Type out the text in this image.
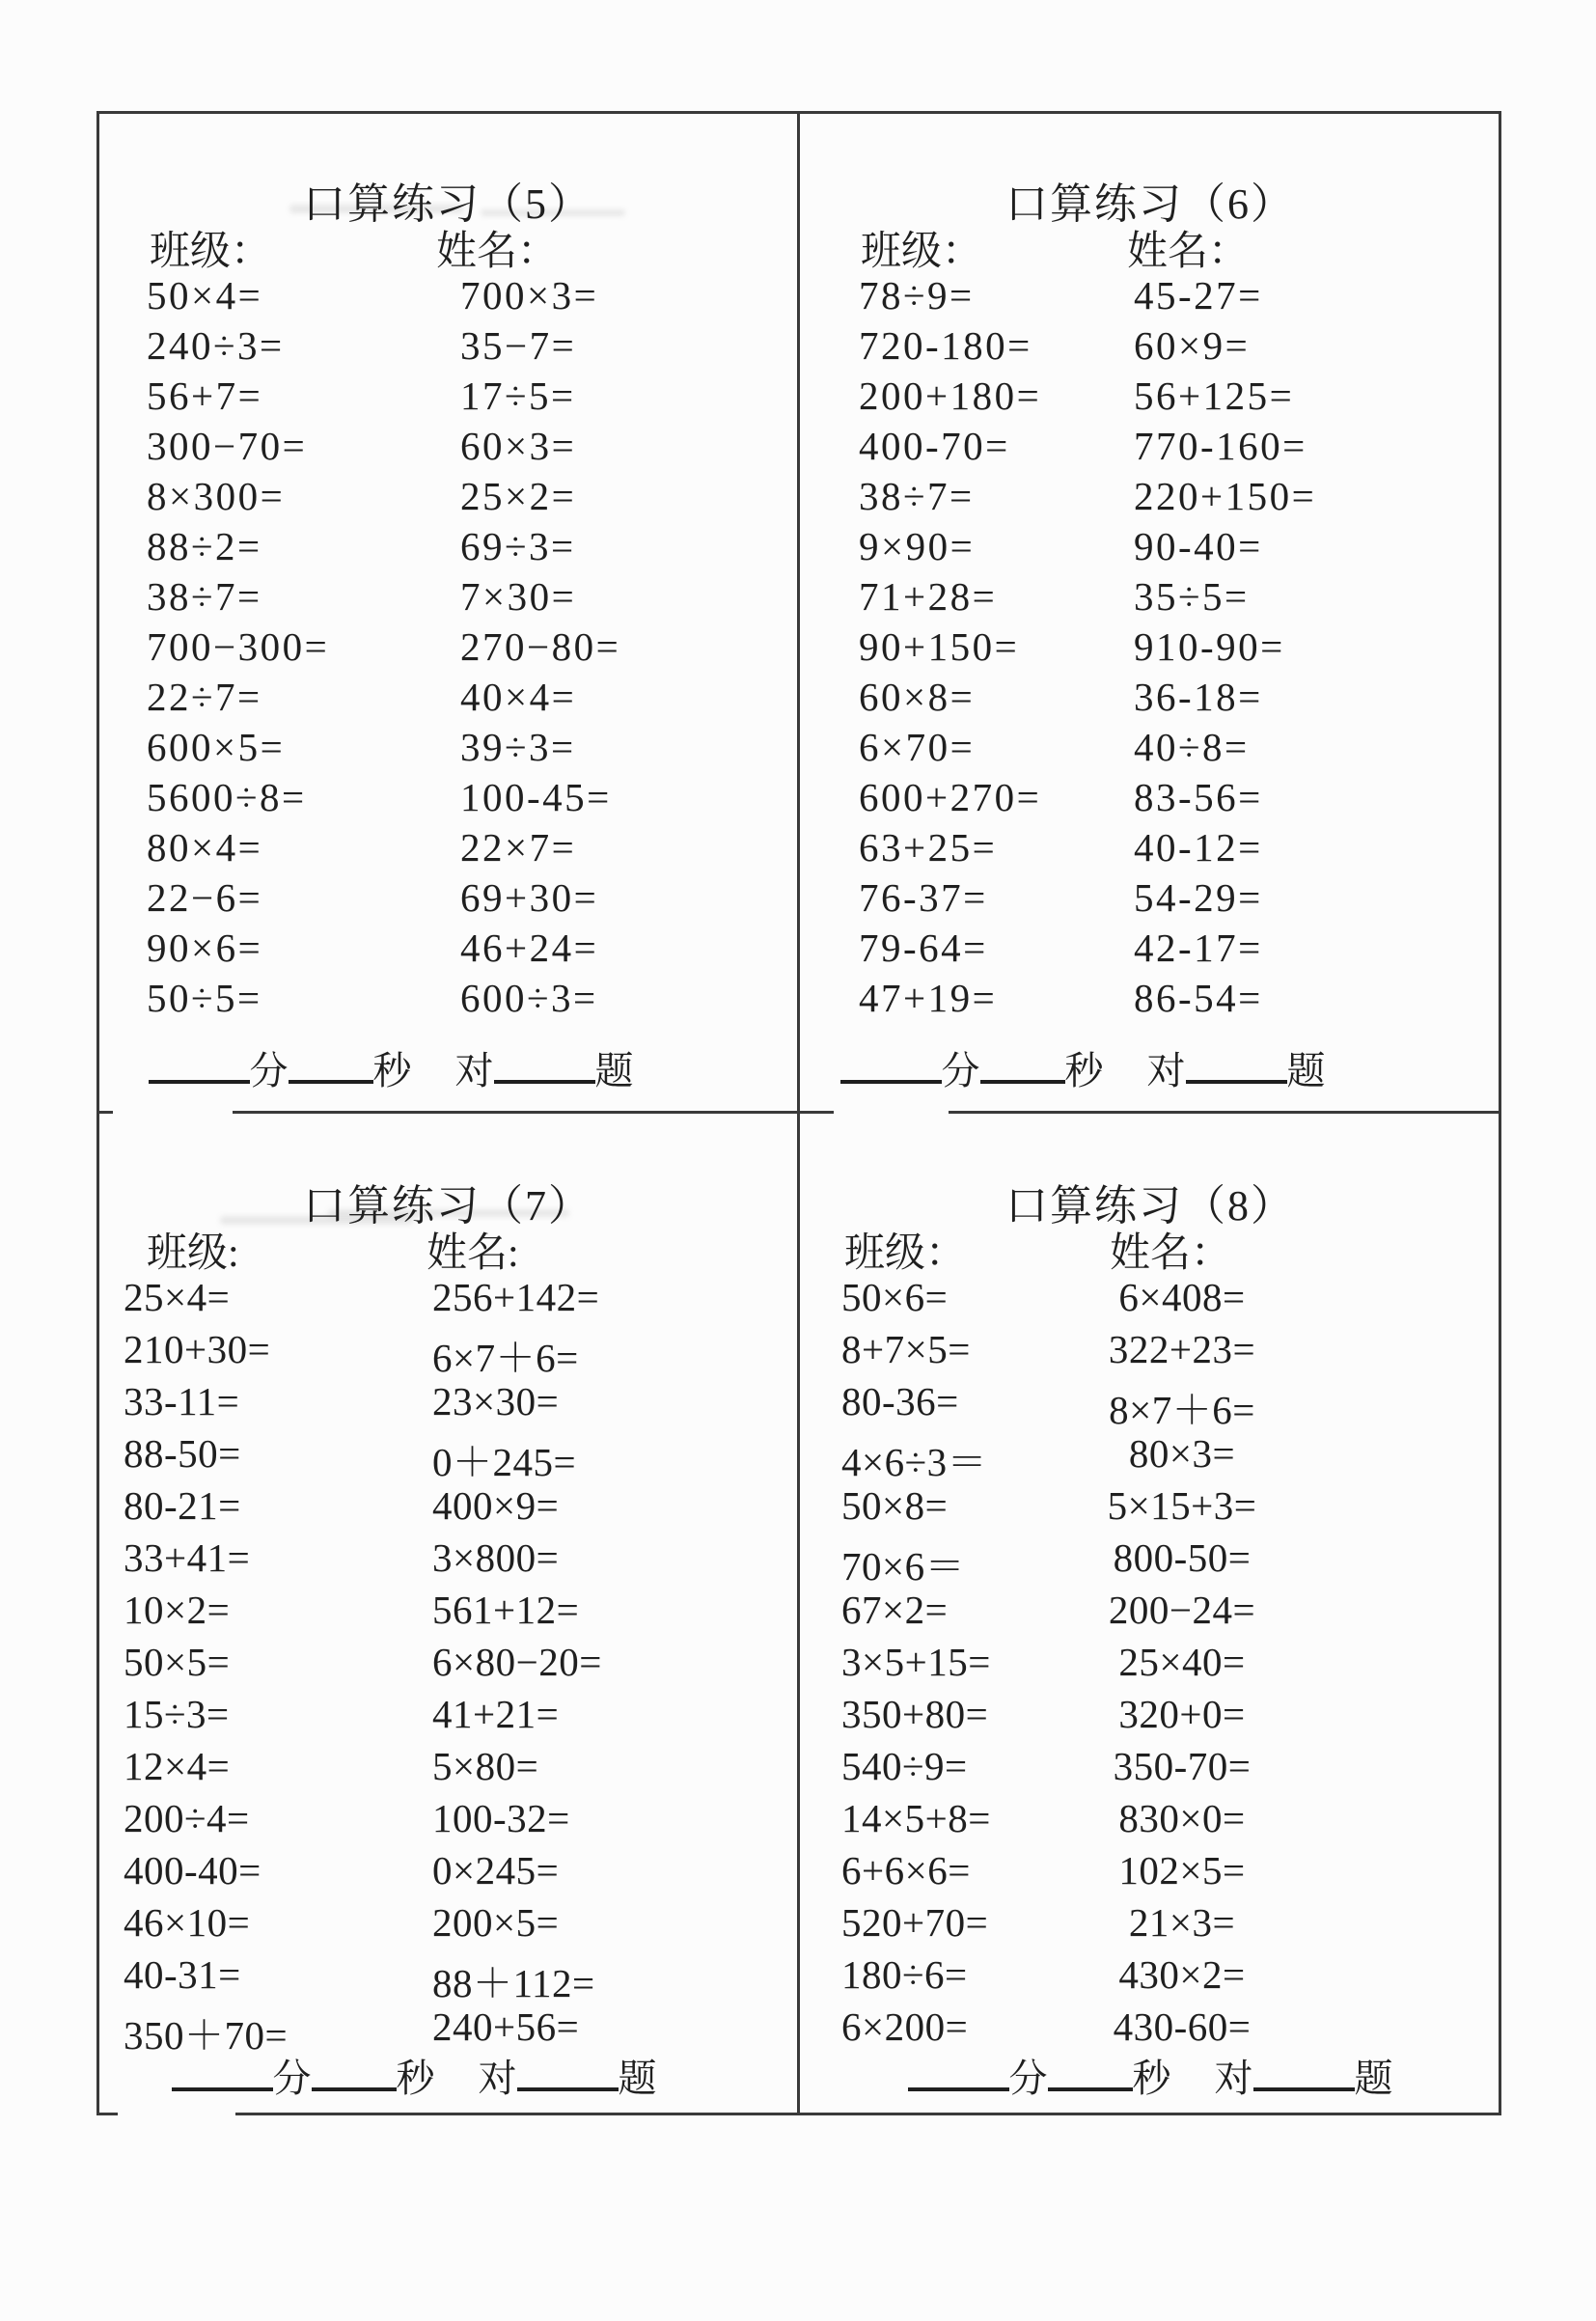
口算练习（5）
班级：	姓名：
50×4=	700×3=
240÷3=	35−7=
56+7=	17÷5=
300−70=	60×3=
8×300=	25×2=
88÷2=	69÷3=
38÷7=	7×30=
700−300=	270−80=
22÷7=	40×4=
600×5=	39÷3=
5600÷8=	100-45=
80×4=	22×7=
22−6=	69+30=
90×6=	46+24=
50÷5=	600÷3=
分 秒 对	题
口算练习（6）
班级：	姓名：
78÷9=	45-27=
720-180=	60×9=
200+180= 56+125=
400-70=	770-160=
38÷7=	220+150=
9×90=	90-40=
71+28=	35÷5=
90+150=	910-90=
60×8=	36-18=
6×70=	40÷8=
600+270= 83-56=
63+25=	40-12=
76-37=	54-29=
79-64=	42-17=
47+19=	86-54=
分 秒 对	题
口算练习（7）
班级:	姓名:
25×4=	256+142=
210+30=	6×7＋6=
33-11=	23×30=
88-50=	0＋245=
80-21=	400×9=
33+41=	3×800=
10×2=	561+12=
50×5=	6×80−20=
15÷3=	41+21=
12×4=	5×80=
200÷4=	100-32=
400-40=	0×245=
46×10=	200×5=
40-31=	88＋112=
350＋70=	240+56=
分 秒 对	题
口算练习（8）
班级：	姓名：
50×6=	6×408=
8+7×5=	322+23=
80-36=	8×7＋6=
4×6÷3＝	80×3=
50×8=	5×15+3=
70×6＝	800-50=
67×2=	200−24=
3×5+15=	25×40=
350+80=	320+0=
540÷9=	350-70=
14×5+8=	830×0=
6+6×6=	102×5=
520+70=	21×3=
180÷6=	430×2=
6×200=	430-60=
分 秒 对	题
